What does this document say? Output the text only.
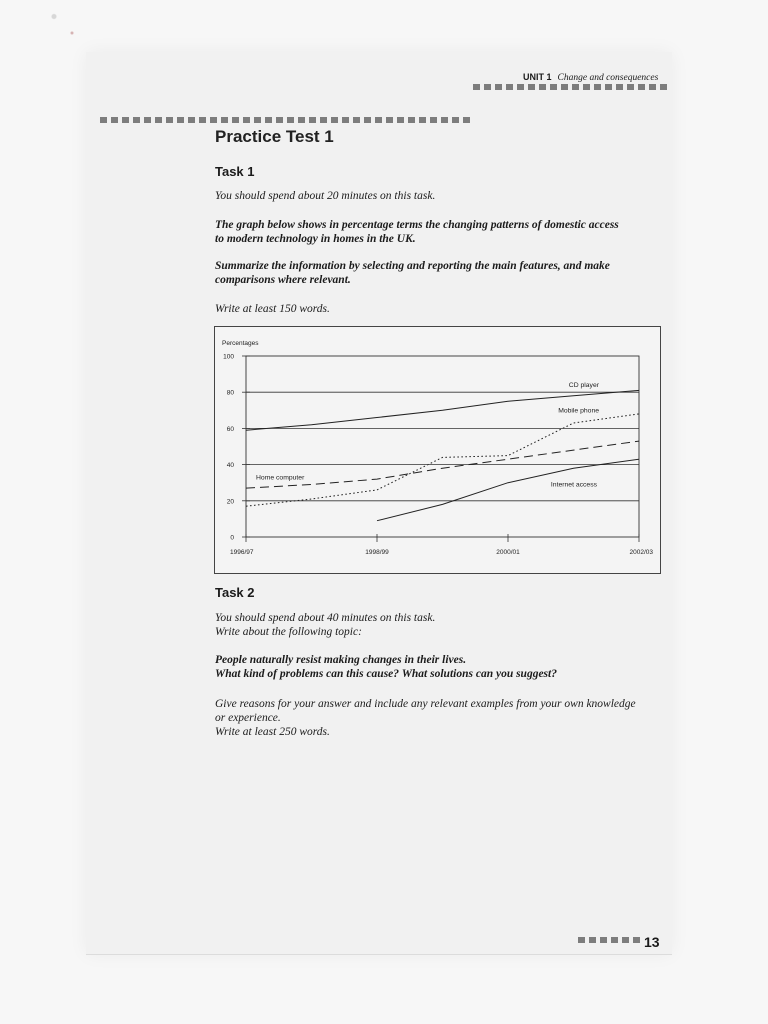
UNIT 1 Change and consequences
Practice Test 1
Task 1
You should spend about 20 minutes on this task.
The graph below shows in percentage terms the changing patterns of domestic access
to modern technology in homes in the UK.
Summarize the information by selecting and reporting the main features, and make
comparisons where relevant.
Write at least 150 words.
0
20
40
60
80
100
1996/97	1998/99	2000/01	2002/03
Percentages
CD player
Mobile phone
Home computer
Internet access
Task 2
You should spend about 40 minutes on this task.
Write about the following topic:
People naturally resist making changes in their lives.
What kind of problems can this cause? What solutions can you suggest?
Give reasons for your answer and include any relevant examples from your own knowledge
or experience.
Write at least 250 words.
13
